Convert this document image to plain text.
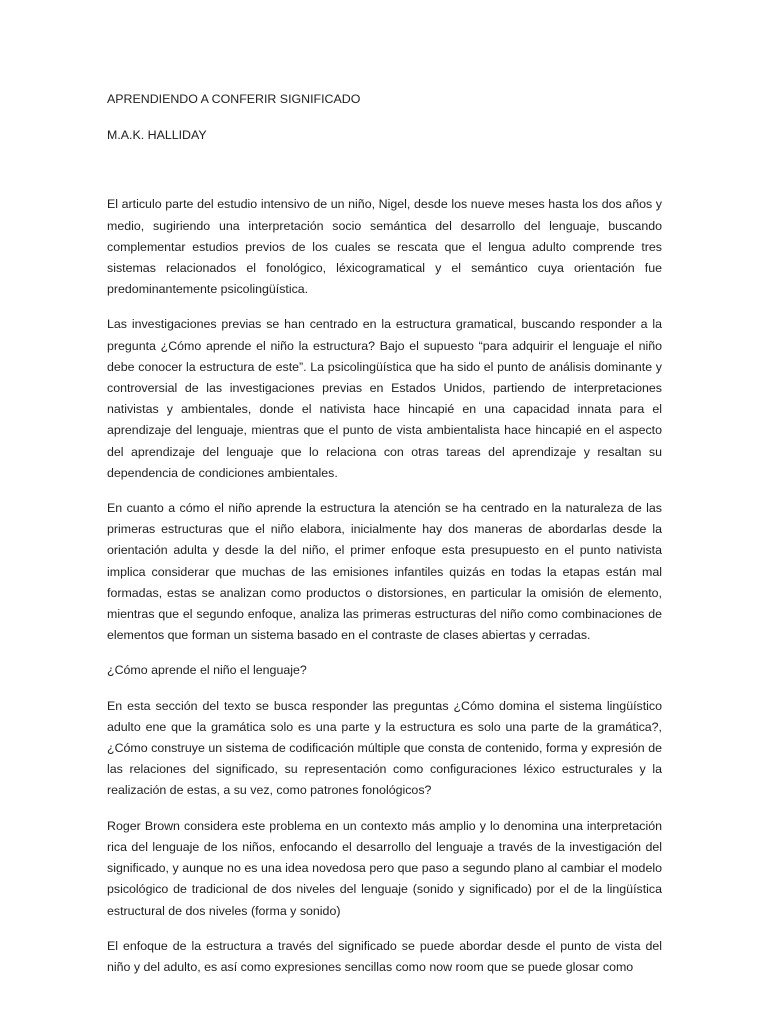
APRENDIENDO A CONFERIR SIGNIFICADO

M.A.K. HALLIDAY

El articulo parte del estudio intensivo de un niño, Nigel, desde los nueve meses hasta los dos años y medio, sugiriendo una interpretación socio semántica del desarrollo del lenguaje, buscando complementar estudios previos de los cuales se rescata que el lengua adulto comprende tres sistemas relacionados el fonológico, léxicogramatical y el semántico cuya orientación fue predominantemente psicolingüística.

Las investigaciones previas se han centrado en la estructura gramatical, buscando responder a la pregunta ¿Cómo aprende el niño la estructura? Bajo el supuesto “para adquirir el lenguaje el niño debe conocer la estructura de este”. La psicolingüística que ha sido el punto de análisis dominante y controversial de las investigaciones previas en Estados Unidos, partiendo de interpretaciones nativistas y ambientales, donde el nativista hace hincapié en una capacidad innata para el aprendizaje del lenguaje, mientras que el punto de vista ambientalista hace hincapié en el aspecto del aprendizaje del lenguaje que lo relaciona con otras tareas del aprendizaje y resaltan su dependencia de condiciones ambientales.

En cuanto a cómo el niño aprende la estructura la atención se ha centrado en la naturaleza de las primeras estructuras que el niño elabora, inicialmente hay dos maneras de abordarlas desde la orientación adulta y desde la del niño, el primer enfoque esta presupuesto en el punto nativista implica considerar que muchas de las emisiones infantiles quizás en todas la etapas están mal formadas, estas se analizan como productos o distorsiones, en particular la omisión de elemento, mientras que el segundo enfoque, analiza las primeras estructuras del niño como combinaciones de elementos que forman un sistema basado en el contraste de clases abiertas y cerradas.

¿Cómo aprende el niño el lenguaje?

En esta sección del texto se busca responder las preguntas ¿Cómo domina el sistema lingüístico adulto ene que la gramática solo es una parte y la estructura es solo una parte de la gramática?, ¿Cómo construye un sistema de codificación múltiple que consta de contenido, forma y expresión de las relaciones del significado, su representación como configuraciones léxico estructurales y la realización de estas, a su vez, como patrones fonológicos?

Roger Brown considera este problema en un contexto más amplio y lo denomina una interpretación rica del lenguaje de los niños, enfocando el desarrollo del lenguaje a través de la investigación del significado, y aunque no es una idea novedosa pero que paso a segundo plano al cambiar el modelo psicológico de tradicional de dos niveles del lenguaje (sonido y significado) por el de la lingüística estructural de dos niveles (forma y sonido)

El enfoque de la estructura a través del significado se puede abordar desde el punto de vista del niño y del adulto, es así como expresiones sencillas como now room que se puede glosar como
